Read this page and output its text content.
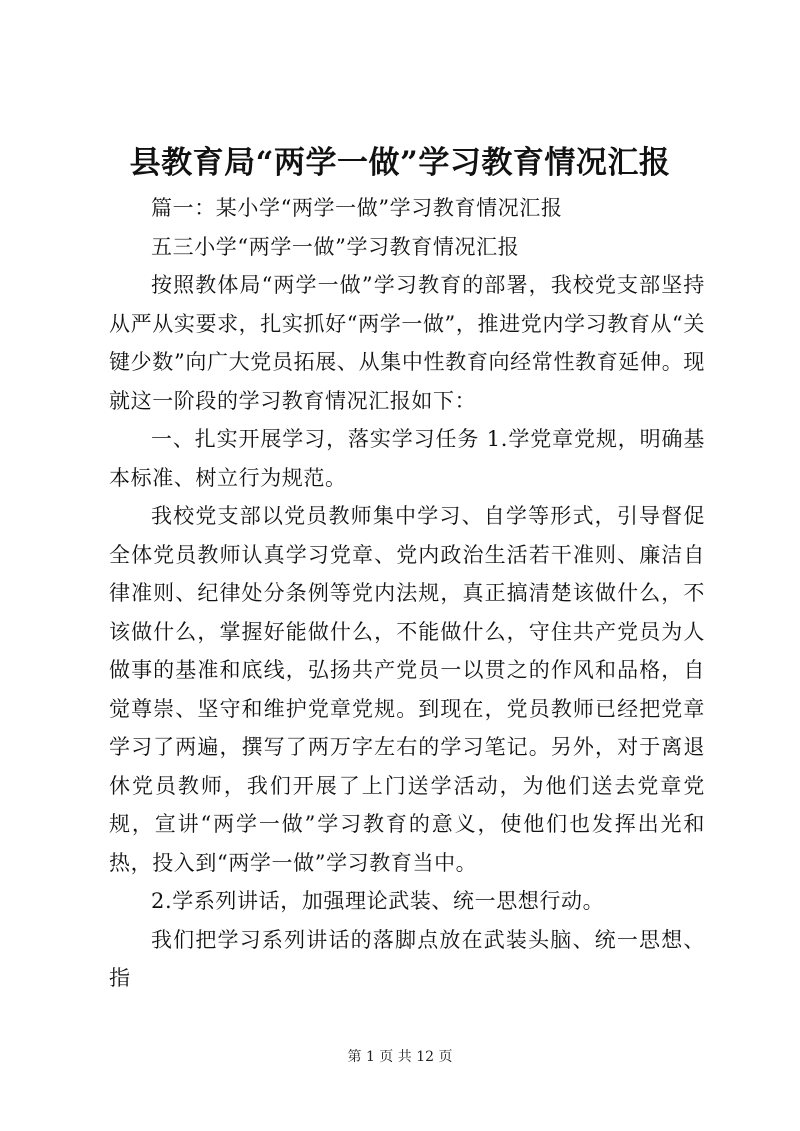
县教育局“两学一做”学习教育情况汇报

篇一：某小学“两学一做”学习教育情况汇报

五三小学“两学一做”学习教育情况汇报

按照教体局“两学一做”学习教育的部署，我校党支部坚持从严从实要求，扎实抓好“两学一做”，推进党内学习教育从“关键少数”向广大党员拓展、从集中性教育向经常性教育延伸。现就这一阶段的学习教育情况汇报如下：

一、扎实开展学习，落实学习任务 1.学党章党规，明确基本标准、树立行为规范。

我校党支部以党员教师集中学习、自学等形式，引导督促全体党员教师认真学习党章、党内政治生活若干准则、廉洁自律准则、纪律处分条例等党内法规，真正搞清楚该做什么，不该做什么，掌握好能做什么，不能做什么，守住共产党员为人做事的基准和底线，弘扬共产党员一以贯之的作风和品格，自觉尊崇、坚守和维护党章党规。到现在，党员教师已经把党章学习了两遍，撰写了两万字左右的学习笔记。另外，对于离退休党员教师，我们开展了上门送学活动，为他们送去党章党规，宣讲“两学一做”学习教育的意义，使他们也发挥出光和热，投入到“两学一做”学习教育当中。

2.学系列讲话，加强理论武装、统一思想行动。

我们把学习系列讲话的落脚点放在武装头脑、统一思想、指

第 1 页 共 12 页
